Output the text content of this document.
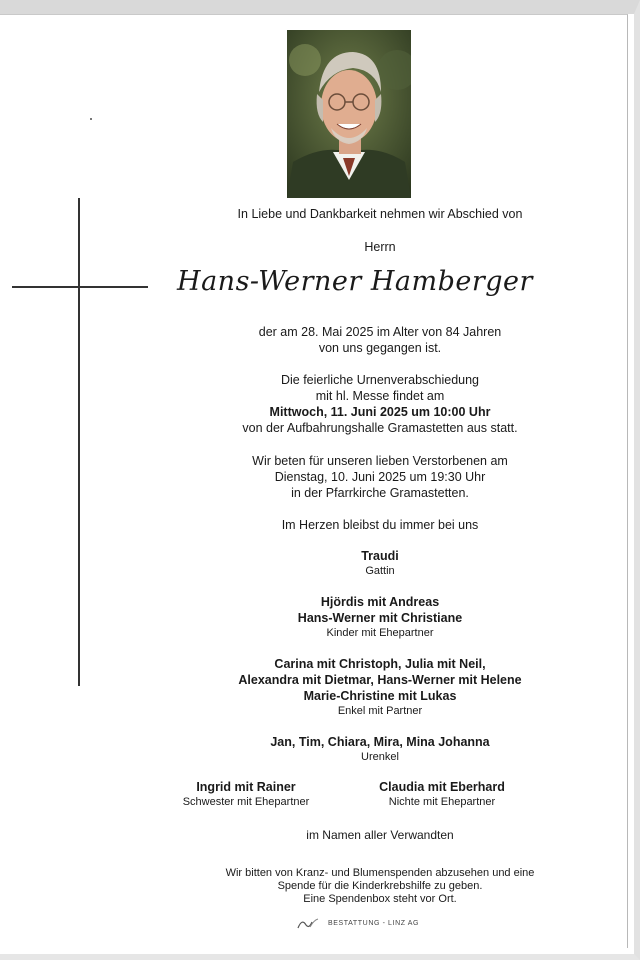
In Liebe und Dankbarkeit nehmen wir Abschied von
Herrn
Hans-Werner Hamberger
der am 28. Mai 2025 im Alter von 84 Jahren
von uns gegangen ist.
Die feierliche Urnenverabschiedung
mit hl. Messe findet am
Mittwoch, 11. Juni 2025 um 10:00 Uhr
von der Aufbahrungshalle Gramastetten aus statt.
Wir beten für unseren lieben Verstorbenen am
Dienstag, 10. Juni 2025 um 19:30 Uhr
in der Pfarrkirche Gramastetten.
Im Herzen bleibst du immer bei uns
Traudi
Gattin
Hjördis mit Andreas
Hans-Werner mit Christiane
Kinder mit Ehepartner
Carina mit Christoph, Julia mit Neil,
Alexandra mit Dietmar, Hans-Werner mit Helene
Marie-Christine mit Lukas
Enkel mit Partner
Jan, Tim, Chiara, Mira, Mina Johanna
Urenkel
Ingrid mit Rainer
Schwester mit Ehepartner
Claudia mit Eberhard
Nichte mit Ehepartner
im Namen aller Verwandten
Wir bitten von Kranz- und Blumenspenden abzusehen und eine
Spende für die Kinderkrebshilfe zu geben.
Eine Spendenbox steht vor Ort.
BESTATTUNG - LINZ AG
